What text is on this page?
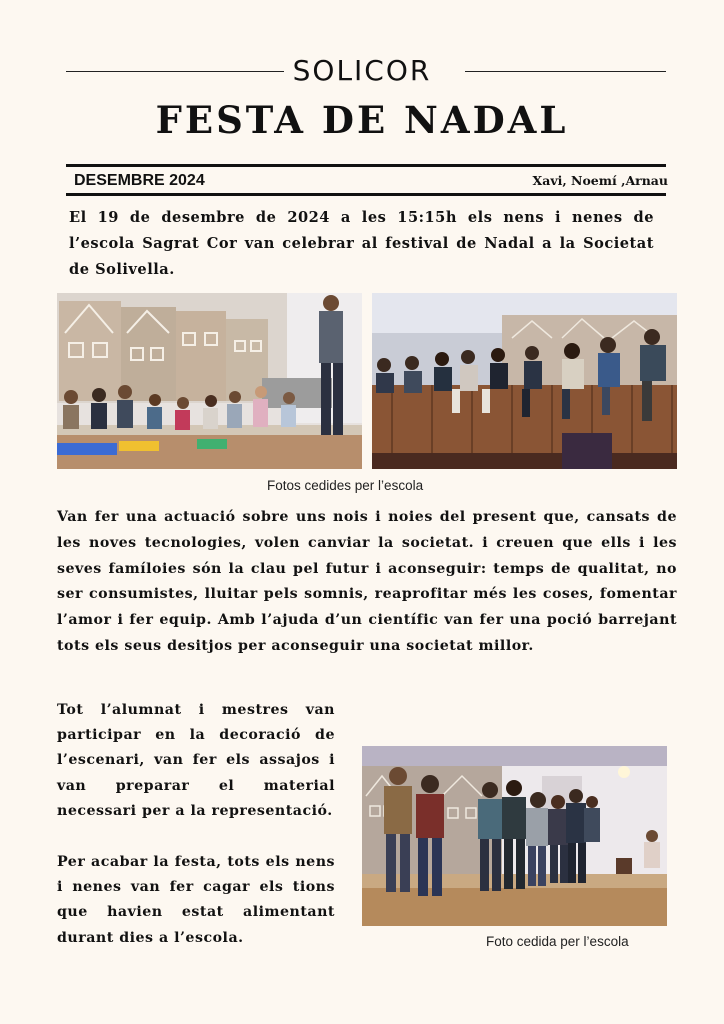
SOLICOR
FESTA DE NADAL
DESEMBRE 2024	Xavi, Noemí ,Arnau
El 19 de desembre de 2024 a les 15:15h els nens i nenes de l’escola Sagrat Cor van celebrar al festival de Nadal a la Societat de Solivella.
Fotos cedides per l’escola
Van fer una actuació sobre uns nois i noies del present que, cansats de les noves tecnologies, volen canviar la societat. i creuen que ells i les seves famíloies són la clau pel futur i aconseguir: temps de qualitat, no ser consumistes, lluitar pels somnis, reaprofitar més les coses, fomentar l’amor i fer equip. Amb l’ajuda d’un científic van fer una poció barrejant tots els seus desitjos per aconseguir una societat millor.
Tot l’alumnat i mestres van participar en la decoració de l’escenari, van fer els assajos i van preparar el material necessari per a la representació.
Per acabar la festa, tots els nens i nenes van fer cagar els tions que havien estat alimentant durant dies a l’escola.	Foto cedida per l’escola
